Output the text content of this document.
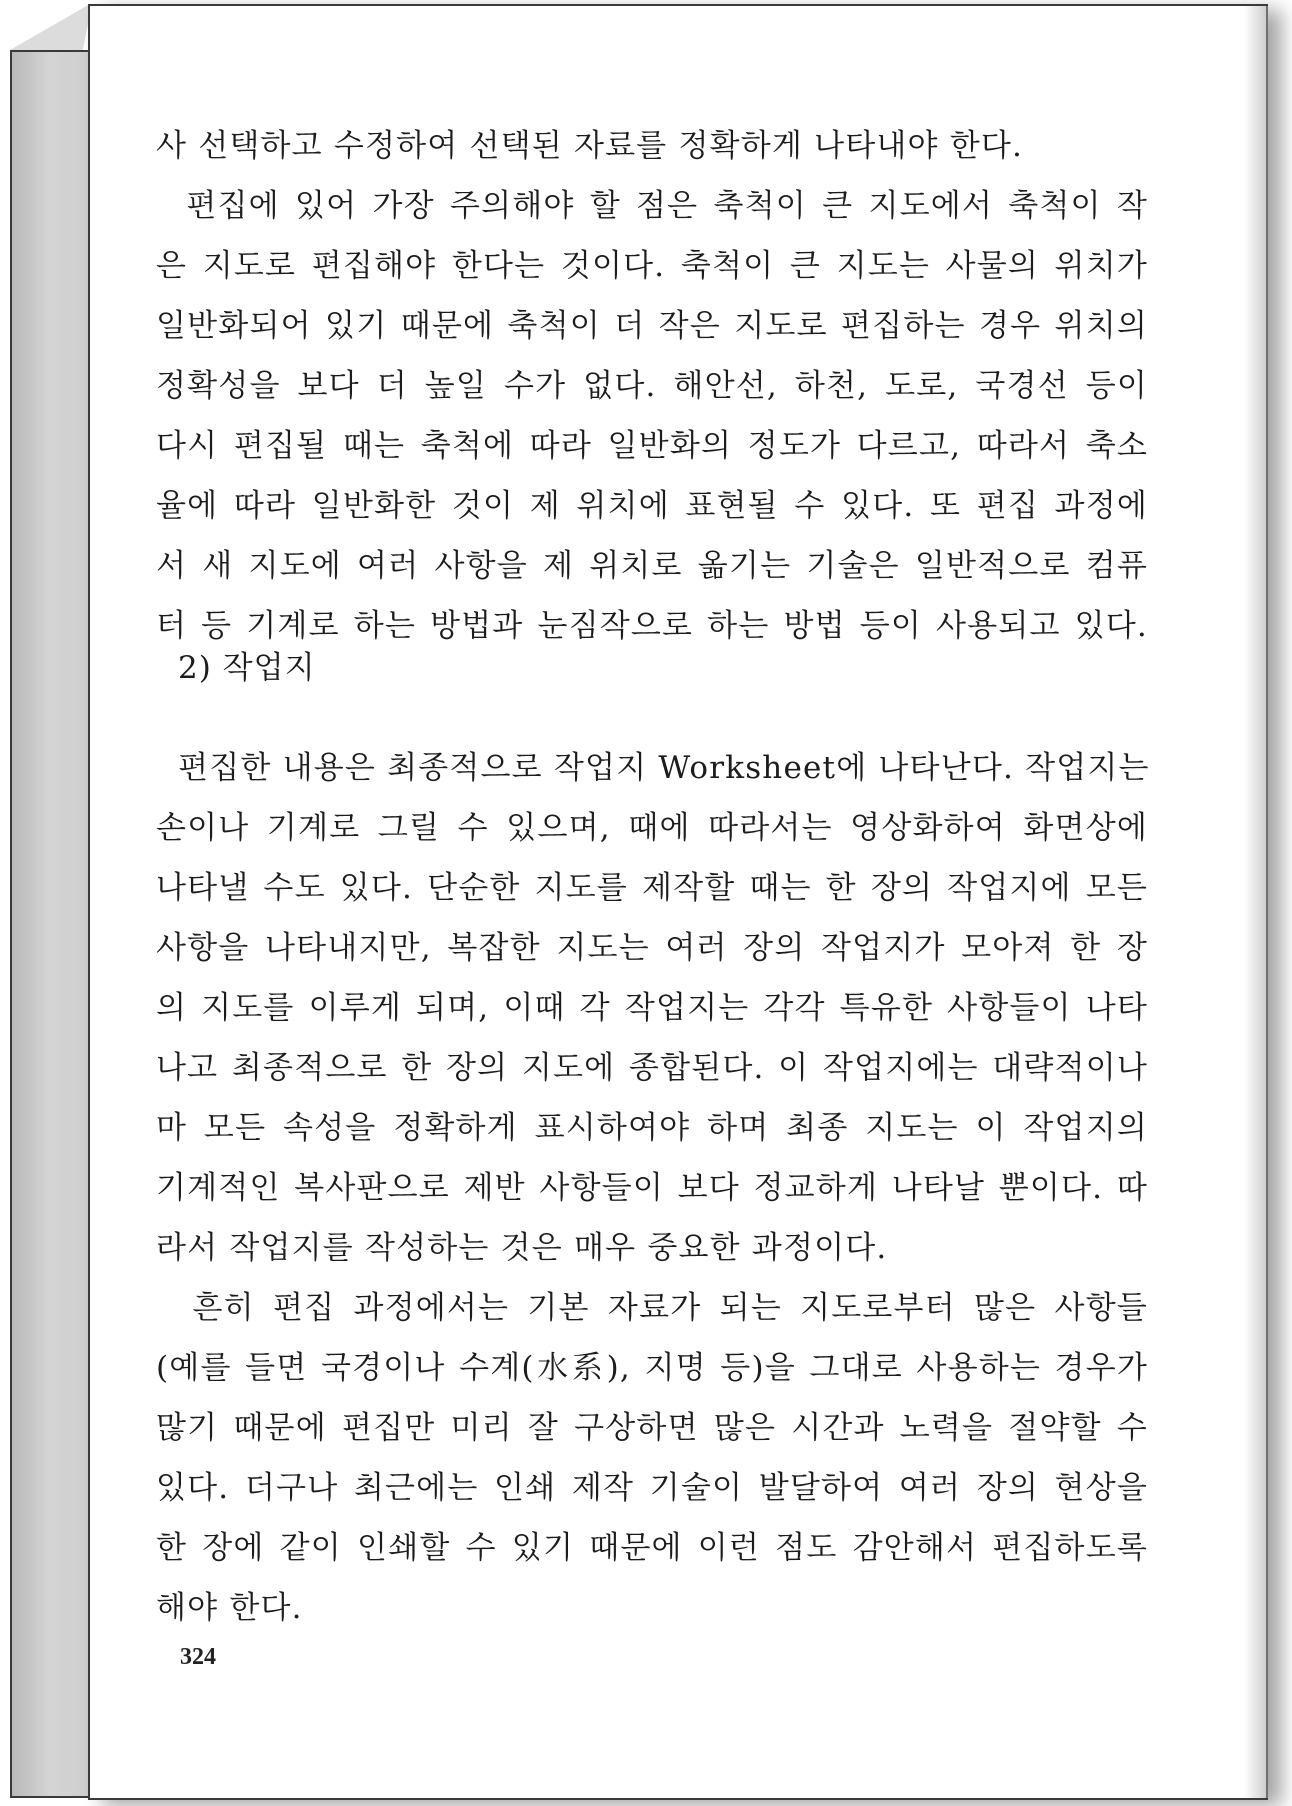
사 선택하고 수정하여 선택된 자료를 정확하게 나타내야 한다.
편집에 있어 가장 주의해야 할 점은 축척이 큰 지도에서 축척이 작
은 지도로 편집해야 한다는 것이다. 축척이 큰 지도는 사물의 위치가
일반화되어 있기 때문에 축척이 더 작은 지도로 편집하는 경우 위치의
정확성을 보다 더 높일 수가 없다. 해안선, 하천, 도로, 국경선 등이
다시 편집될 때는 축척에 따라 일반화의 정도가 다르고, 따라서 축소
율에 따라 일반화한 것이 제 위치에 표현될 수 있다. 또 편집 과정에
서 새 지도에 여러 사항을 제 위치로 옮기는 기술은 일반적으로 컴퓨
터 등 기계로 하는 방법과 눈짐작으로 하는 방법 등이 사용되고 있다.
2) 작업지
편집한 내용은 최종적으로 작업지 Worksheet에 나타난다. 작업지는
손이나 기계로 그릴 수 있으며, 때에 따라서는 영상화하여 화면상에
나타낼 수도 있다. 단순한 지도를 제작할 때는 한 장의 작업지에 모든
사항을 나타내지만, 복잡한 지도는 여러 장의 작업지가 모아져 한 장
의 지도를 이루게 되며, 이때 각 작업지는 각각 특유한 사항들이 나타
나고 최종적으로 한 장의 지도에 종합된다. 이 작업지에는 대략적이나
마 모든 속성을 정확하게 표시하여야 하며 최종 지도는 이 작업지의
기계적인 복사판으로 제반 사항들이 보다 정교하게 나타날 뿐이다. 따
라서 작업지를 작성하는 것은 매우 중요한 과정이다.
흔히 편집 과정에서는 기본 자료가 되는 지도로부터 많은 사항들
(예를 들면 국경이나 수계(水系), 지명 등)을 그대로 사용하는 경우가
많기 때문에 편집만 미리 잘 구상하면 많은 시간과 노력을 절약할 수
있다. 더구나 최근에는 인쇄 제작 기술이 발달하여 여러 장의 현상을
한 장에 같이 인쇄할 수 있기 때문에 이런 점도 감안해서 편집하도록
해야 한다.
324
